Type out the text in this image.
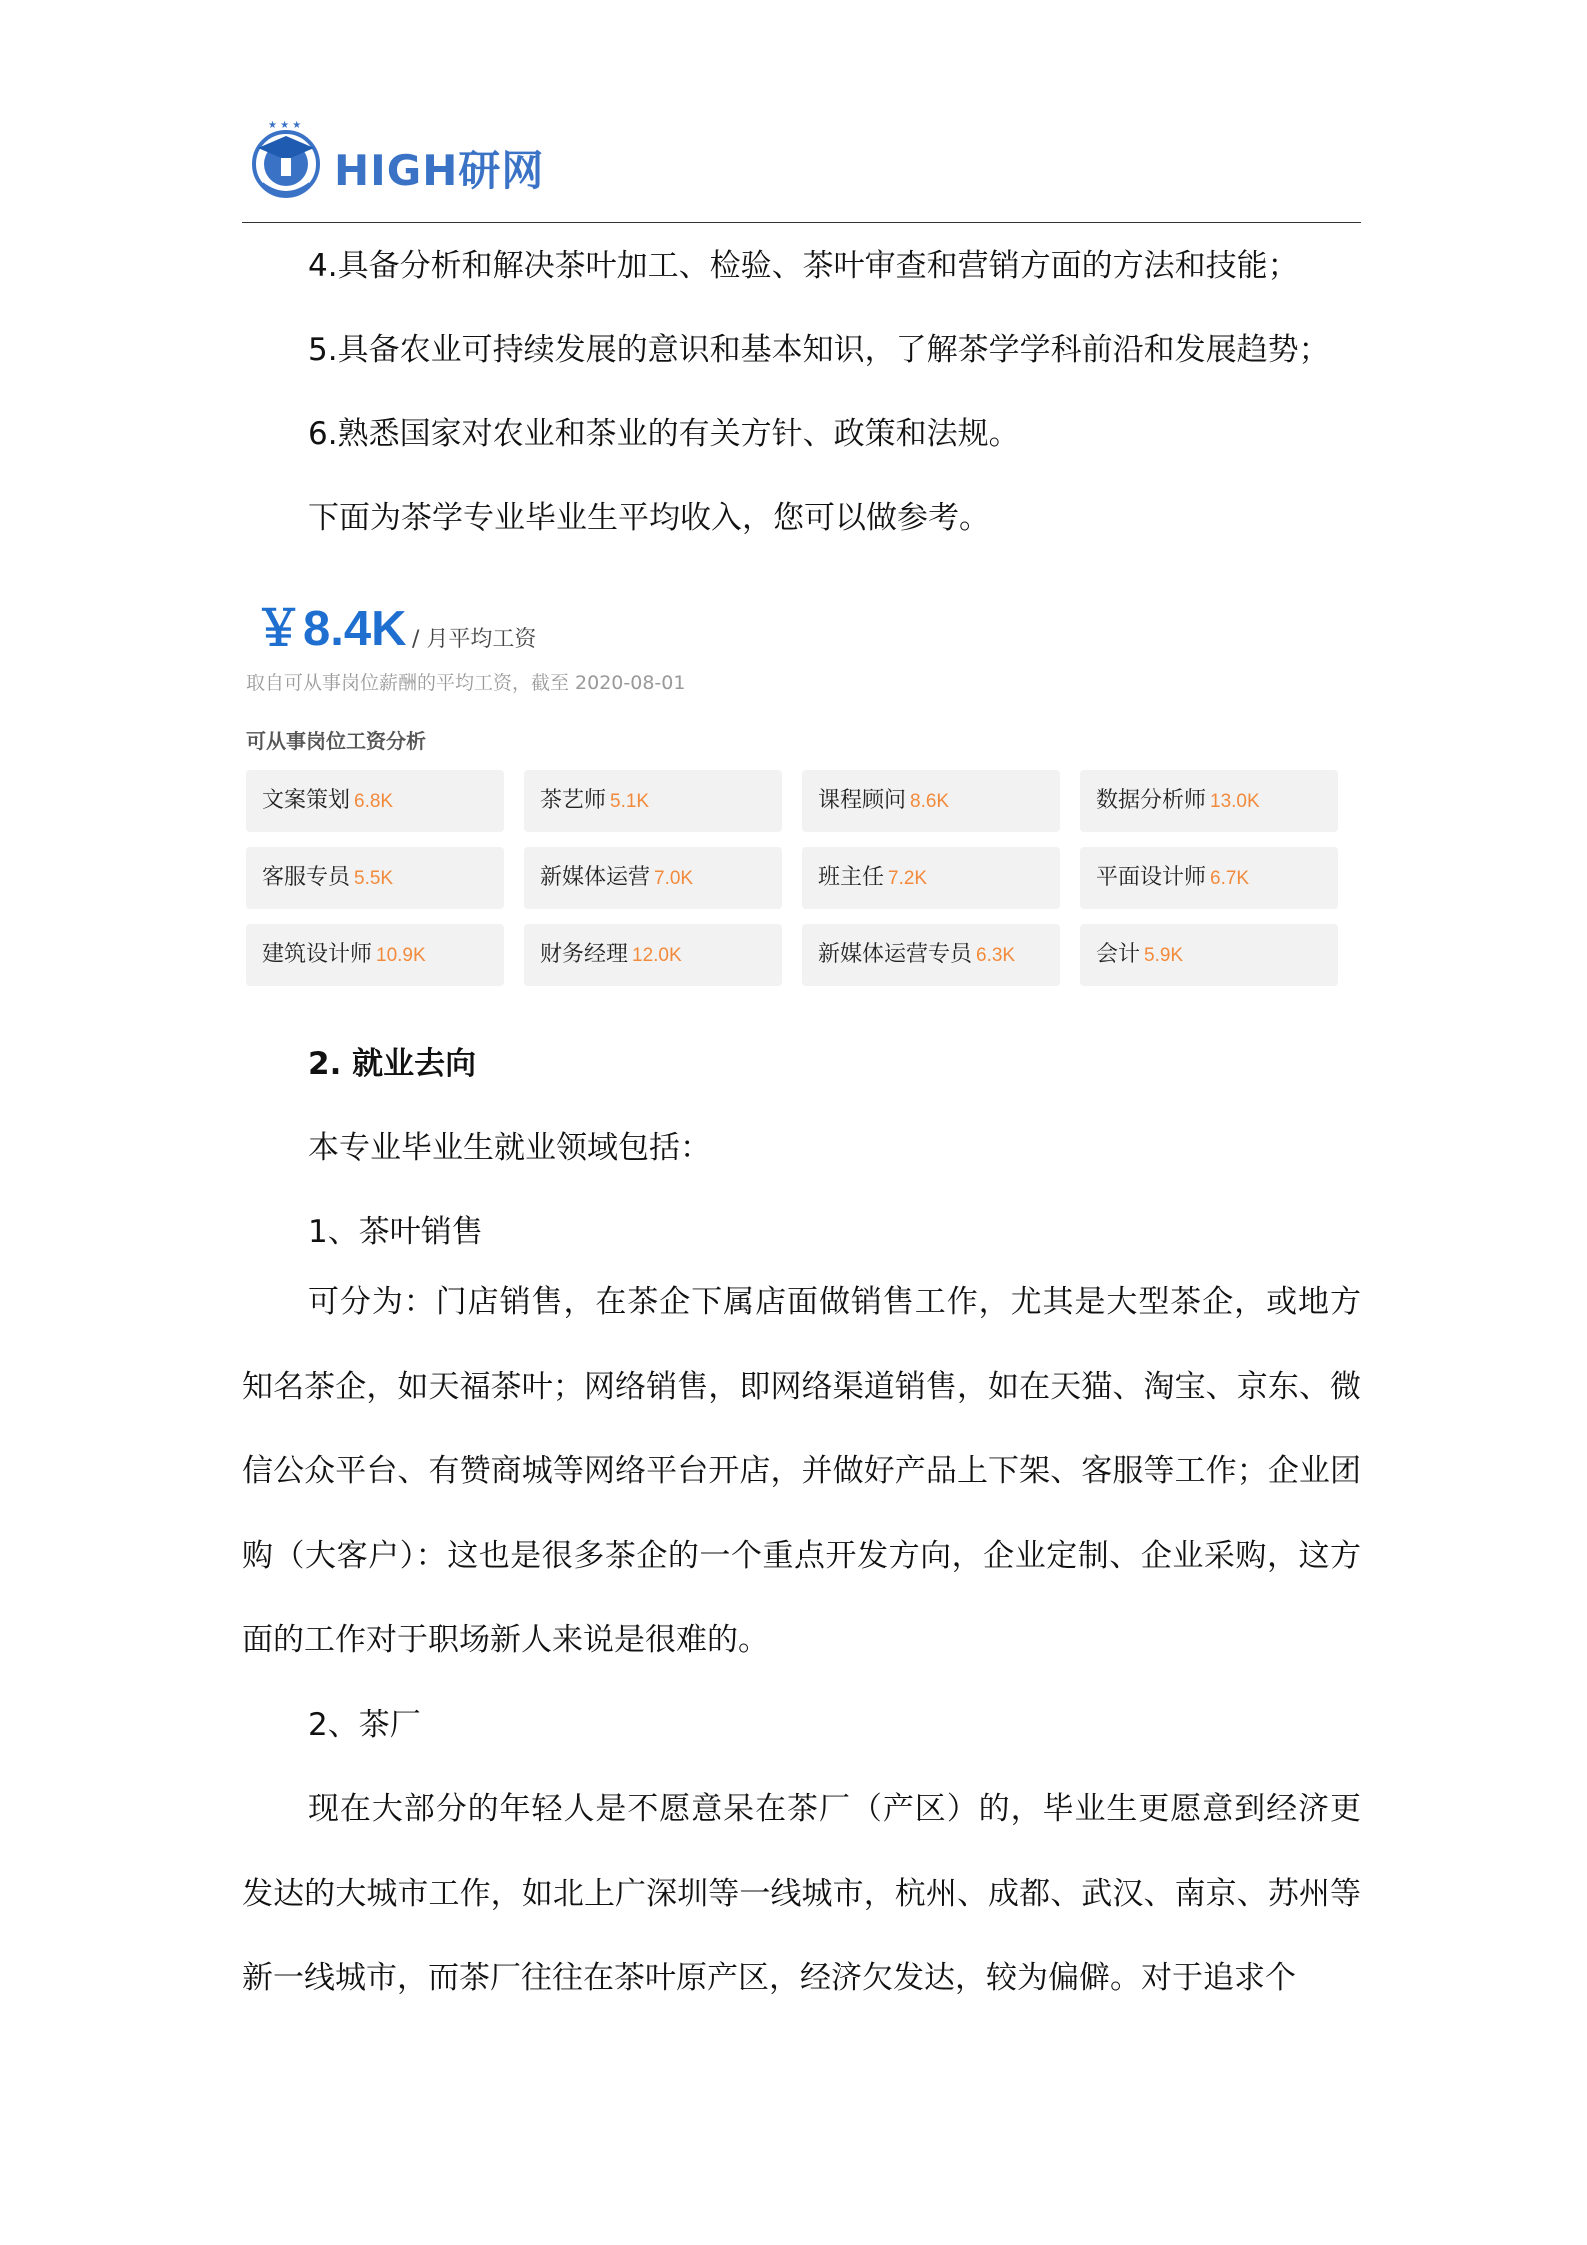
★ ★ ★
HIGH研网

4.具备分析和解决茶叶加工、检验、茶叶审查和营销方面的方法和技能；

5.具备农业可持续发展的意识和基本知识，了解茶学学科前沿和发展趋势；

6.熟悉国家对农业和茶业的有关方针、政策和法规。

下面为茶学专业毕业生平均收入，您可以做参考。

￥8.4K / 月平均工资
取自可从事岗位薪酬的平均工资，截至 2020-08-01
可从事岗位工资分析
文案策划 6.8K	茶艺师 5.1K	课程顾问 8.6K	数据分析师 13.0K
客服专员 5.5K	新媒体运营 7.0K	班主任 7.2K	平面设计师 6.7K
建筑设计师 10.9K	财务经理 12.0K	新媒体运营专员 6.3K	会计 5.9K

2. 就业去向

本专业毕业生就业领域包括：

1、茶叶销售

可分为：门店销售，在茶企下属店面做销售工作，尤其是大型茶企，或地方知名茶企，如天福茶叶；网络销售，即网络渠道销售，如在天猫、淘宝、京东、微信公众平台、有赞商城等网络平台开店，并做好产品上下架、客服等工作；企业团购（大客户）：这也是很多茶企的一个重点开发方向，企业定制、企业采购，这方面的工作对于职场新人来说是很难的。

2、茶厂

现在大部分的年轻人是不愿意呆在茶厂（产区）的，毕业生更愿意到经济更发达的大城市工作，如北上广深圳等一线城市，杭州、成都、武汉、南京、苏州等新一线城市，而茶厂往往在茶叶原产区，经济欠发达，较为偏僻。对于追求个
